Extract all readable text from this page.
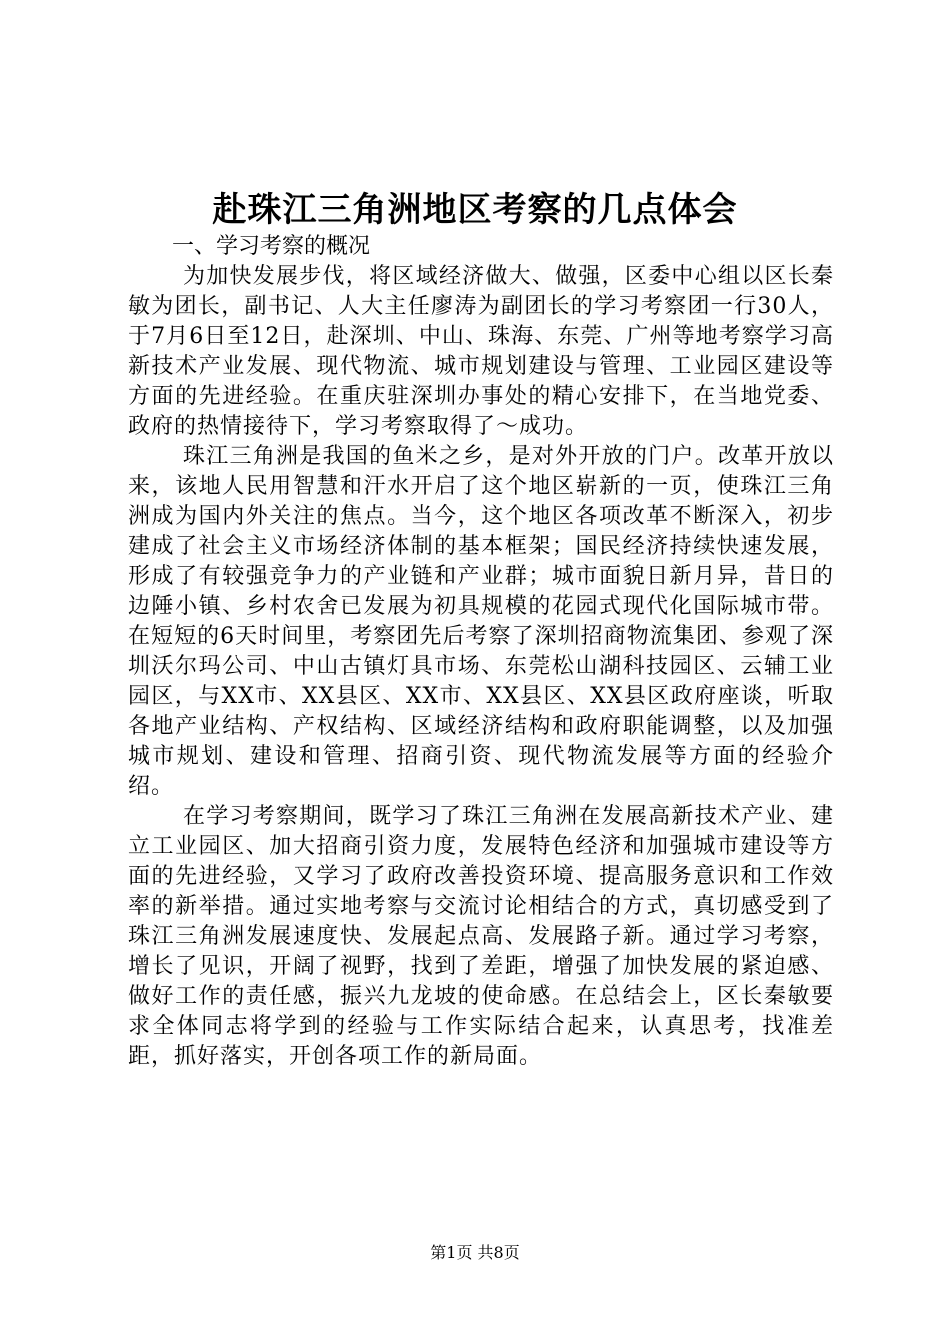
赴珠江三角洲地区考察的几点体会

一、学习考察的概况

为加快发展步伐，将区域经济做大、做强，区委中心组以区长秦敏为团长，副书记、人大主任廖涛为副团长的学习考察团一行30人，于7月6日至12日，赴深圳、中山、珠海、东莞、广州等地考察学习高新技术产业发展、现代物流、城市规划建设与管理、工业园区建设等方面的先进经验。在重庆驻深圳办事处的精心安排下，在当地党委、政府的热情接待下，学习考察取得了～成功。

珠江三角洲是我国的鱼米之乡，是对外开放的门户。改革开放以来，该地人民用智慧和汗水开启了这个地区崭新的一页，使珠江三角洲成为国内外关注的焦点。当今，这个地区各项改革不断深入，初步建成了社会主义市场经济体制的基本框架；国民经济持续快速发展，形成了有较强竞争力的产业链和产业群；城市面貌日新月异，昔日的边陲小镇、乡村农舍已发展为初具规模的花园式现代化国际城市带。在短短的6天时间里，考察团先后考察了深圳招商物流集团、参观了深圳沃尔玛公司、中山古镇灯具市场、东莞松山湖科技园区、云辅工业园区，与XX市、XX县区、XX市、XX县区、XX县区政府座谈，听取各地产业结构、产权结构、区域经济结构和政府职能调整，以及加强城市规划、建设和管理、招商引资、现代物流发展等方面的经验介绍。

在学习考察期间，既学习了珠江三角洲在发展高新技术产业、建立工业园区、加大招商引资力度，发展特色经济和加强城市建设等方面的先进经验，又学习了政府改善投资环境、提高服务意识和工作效率的新举措。通过实地考察与交流讨论相结合的方式，真切感受到了珠江三角洲发展速度快、发展起点高、发展路子新。通过学习考察，增长了见识，开阔了视野，找到了差距，增强了加快发展的紧迫感、做好工作的责任感，振兴九龙坡的使命感。在总结会上，区长秦敏要求全体同志将学到的经验与工作实际结合起来，认真思考，找准差距，抓好落实，开创各项工作的新局面。

第1页 共8页
